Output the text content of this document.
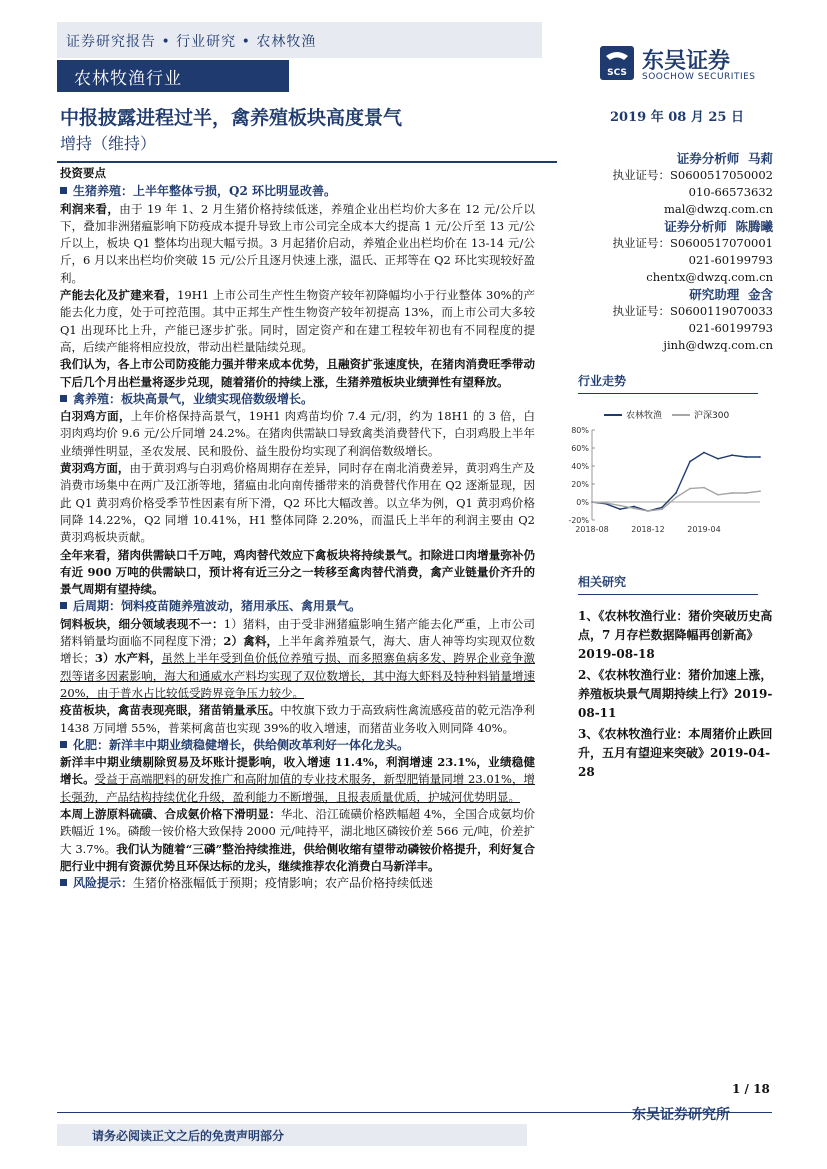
证券研究报告 • 行业研究 • 农林牧渔
农林牧渔行业	SCS 东吴证券
SOOCHOW SECURITIES
中报披露进程过半，禽养殖板块高度景气
增持（维持）
2019 年 08 月 25 日

投资要点

生猪养殖：上半年整体亏损，Q2 环比明显改善。

利润来看，由于 19 年 1、2 月生猪价格持续低迷，养殖企业出栏均价大多在 12 元/公斤以下，叠加非洲猪瘟影响下防疫成本提升导致上市公司完全成本大约提高 1 元/公斤至 13 元/公斤以上，板块 Q1 整体均出现大幅亏损。3 月起猪价启动，养殖企业出栏均价在 13-14 元/公斤，6 月以来出栏均价突破 15 元/公斤且逐月快速上涨，温氏、正邦等在 Q2 环比实现较好盈利。

产能去化及扩建来看，19H1 上市公司生产性生物资产较年初降幅均小于行业整体 30%的产能去化力度，处于可控范围。其中正邦生产性生物资产较年初提高 13%，而上市公司大多较 Q1 出现环比上升，产能已逐步扩张。同时，固定资产和在建工程较年初也有不同程度的提高，后续产能将相应投放，带动出栏量陆续兑现。

我们认为，各上市公司防疫能力强并带来成本优势，且融资扩张速度快，在猪肉消费旺季带动下后几个月出栏量将逐步兑现，随着猪价的持续上涨，生猪养殖板块业绩弹性有望释放。

禽养殖：板块高景气，业绩实现倍数级增长。

白羽鸡方面，上年价格保持高景气，19H1 肉鸡苗均价 7.4 元/羽，约为 18H1 的 3 倍，白羽肉鸡均价 9.6 元/公斤同增 24.2%。在猪肉供需缺口导致禽类消费替代下，白羽鸡股上半年业绩弹性明显，圣农发展、民和股份、益生股份均实现了利润倍数级增长。

黄羽鸡方面，由于黄羽鸡与白羽鸡价格周期存在差异，同时存在南北消费差异，黄羽鸡生产及消费市场集中在两广及江浙等地，猪瘟由北向南传播带来的消费替代作用在 Q2 逐渐显现，因此 Q1 黄羽鸡价格受季节性因素有所下滑，Q2 环比大幅改善。以立华为例，Q1 黄羽鸡价格同降 14.22%，Q2 同增 10.41%，H1 整体同降 2.20%，而温氏上半年的利润主要由 Q2 黄羽鸡板块贡献。

全年来看，猪肉供需缺口千万吨，鸡肉替代效应下禽板块将持续景气。扣除进口肉增量弥补仍有近 900 万吨的供需缺口，预计将有近三分之一转移至禽肉替代消费，禽产业链量价齐升的景气周期有望持续。

后周期：饲料疫苗随养殖波动，猪用承压、禽用景气。

饲料板块，细分领域表现不一：1）猪料，由于受非洲猪瘟影响生猪产能去化严重，上市公司猪料销量均面临不同程度下滑；2）禽料，上半年禽养殖景气，海大、唐人神等均实现双位数增长；3）水产料，虽然上半年受到鱼价低位养殖亏损、而多照寨鱼病多发、跨界企业竞争激烈等诸多因素影响，海大和通威水产料均实现了双位数增长，其中海大虾料及特种料销量增速 20%，由于普水占比较低受跨界竞争压力较少。

疫苗板块，禽苗表现亮眼，猪苗销量承压。中牧旗下致力于高致病性禽流感疫苗的乾元浩净利 1438 万同增 55%，普莱柯禽苗也实现 39%的收入增速，而猪苗业务收入则同降 40%。

化肥：新洋丰中期业绩稳健增长，供给侧改革利好一体化龙头。

新洋丰中期业绩剔除贸易及坏账计提影响，收入增速 11.4%，利润增速 23.1%，业绩稳健增长。受益于高端肥料的研发推广和高附加值的专业技术服务，新型肥销量同增 23.01%，增长强劲，产品结构持续优化升级，盈利能力不断增强，且报表质量优质，护城河优势明显。

本周上游原料硫磺、合成氨价格下滑明显：华北、沿江硫磺价格跌幅超 4%，全国合成氨均价跌幅近 1%。磷酸一铵价格大致保持 2000 元/吨持平，湖北地区磷铵价差 566 元/吨，价差扩大 3.7%。我们认为随着“三磷”整治持续推进，供给侧收缩有望带动磷铵价格提升，利好复合肥行业中拥有资源优势且环保达标的龙头，继续推荐农化消费白马新洋丰。

风险提示：生猪价格涨幅低于预期；疫情影响；农产品价格持续低迷

证券分析师 马莉
执业证号：S0600517050002
010-66573632
mal@dwzq.com.cn
证券分析师 陈腾曦
执业证号：S0600517070001
021-60199793
chentx@dwzq.com.cn
研究助理 金含
执业证号：S0600119070033
021-60199793
jinh@dwzq.com.cn
行业走势
-20%
0%
20%
40%
60%
80%
2018-08	2018-12	2019-04
农林牧渔	沪深300
相关研究
1、《农林牧渔行业：猪价突破历史高点，7 月存栏数据降幅再创新高》2019-08-18
2、《农林牧渔行业：猪价加速上涨，养殖板块景气周期持续上行》2019-08-11
3、《农林牧渔行业：本周猪价止跌回升，五月有望迎来突破》2019-04-28
1 / 18
东吴证券研究所
请务必阅读正文之后的免责声明部分
